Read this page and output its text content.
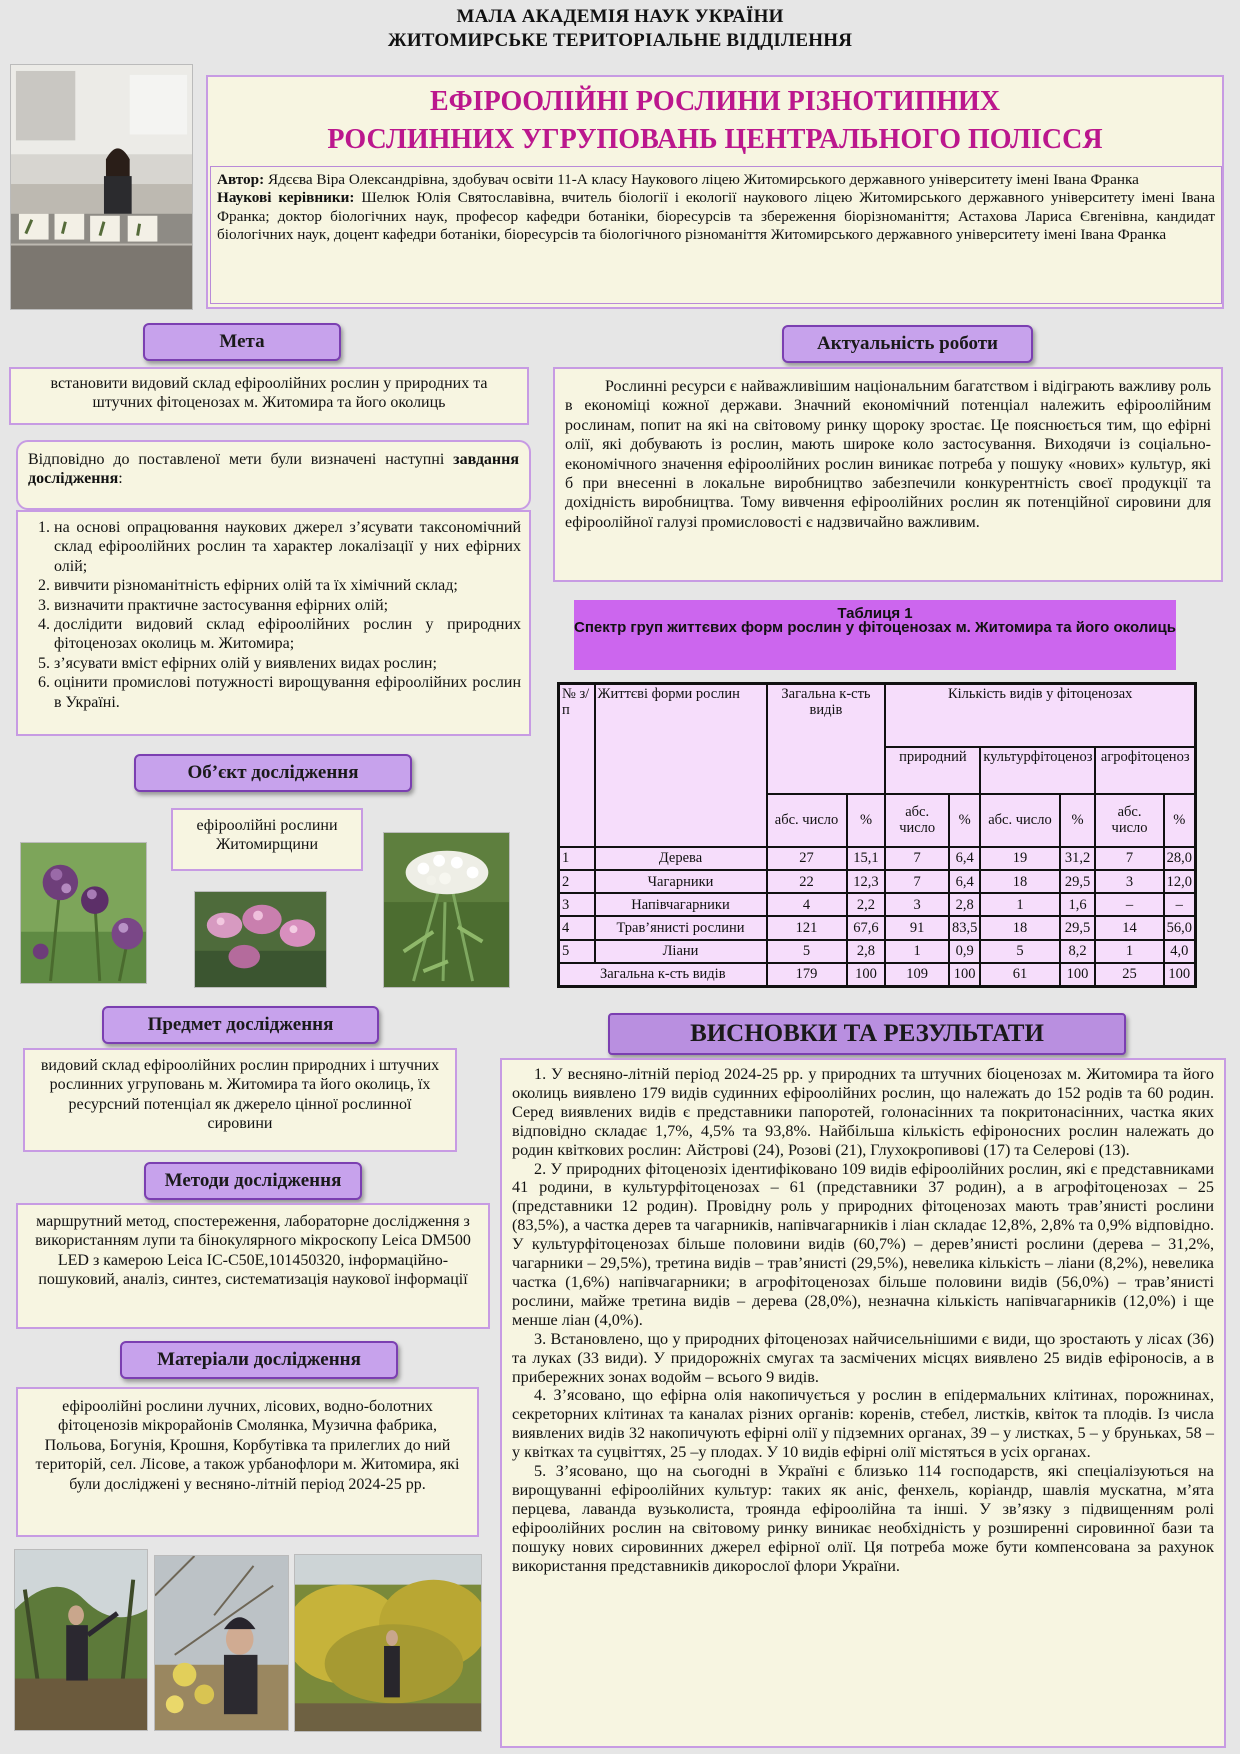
МАЛА АКАДЕМІЯ НАУК УКРАЇНИ
ЖИТОМИРСЬКЕ ТЕРИТОРІАЛЬНЕ ВІДДІЛЕННЯ
ЕФІРООЛІЙНІ РОСЛИНИ РІЗНОТИПНИХ
РОСЛИННИХ УГРУПОВАНЬ ЦЕНТРАЛЬНОГО ПОЛІССЯ
Автор: Ядєєва Віра Олександрівна, здобувач освіти 11-А класу Наукового ліцею Житомирського державного університету імені Івана Франка
Наукові керівники: Шелюк Юлія Святославівна, вчитель біології і екології наукового ліцею Житомирського державного університету імені Івана Франка; доктор біологічних наук, професор кафедри ботаніки, біоресурсів та збереження біорізноманіття; Астахова Лариса Євгенівна, кандидат біологічних наук, доцент кафедри ботаніки, біоресурсів та біологічного різноманіття Житомирського державного університету імені Івана Франка
Мета
встановити видовий склад ефіроолійних рослин у природних та штучних фітоценозах м. Житомира та його околиць
Відповідно до поставленої мети були визначені наступні завдання дослідження:
1. на основі опрацювання наукових джерел з’ясувати таксономічний склад ефіроолійних рослин та характер локалізації у них ефірних олій;
2. вивчити різноманітність ефірних олій та їх хімічний склад;
3. визначити практичне застосування ефірних олій;
4. дослідити видовий склад ефіроолійних рослин у природних фітоценозах околиць м. Житомира;
5. з’ясувати вміст ефірних олій у виявлених видах рослин;
6. оцінити промислові потужності вирощування ефіроолійних рослин в Україні.
Об’єкт дослідження
ефіроолійні рослини Житомирщини
Предмет дослідження
видовий склад ефіроолійних рослин природних і штучних рослинних угруповань м. Житомира та його околиць, їх ресурсний потенціал як джерело цінної рослинної сировини
Методи дослідження
маршрутний метод, спостереження, лабораторне дослідження з використанням лупи та бінокулярного мікроскопу Leica DM500 LED з камерою Leica IC-C50E,101450320, інформаційно-пошуковий, аналіз, синтез, систематизація наукової інформації
Матеріали дослідження
ефіроолійні рослини лучних, лісових, водно-болотних фітоценозів мікрорайонів Смолянка, Музична фабрика, Польова, Богунія, Крошня, Корбутівка та прилеглих до ний територій, сел. Лісове, а також урбанофлори м. Житомира, які були досліджені у весняно-літній період 2024-25 рр.
Актуальність роботи
Рослинні ресурси є найважливішим національним багатством і відіграють важливу роль в економіці кожної держави. Значний економічний потенціал належить ефіроолійним рослинам, попит на які на світовому ринку щороку зростає. Це пояснюється тим, що ефірні олії, які добувають із рослин, мають широке коло застосування. Виходячи із соціально-економічного значення ефіроолійних рослин виникає потреба у пошуку «нових» культур, які б при внесенні в локальне виробництво забезпечили конкурентність своєї продукції та дохідність виробництва. Тому вивчення ефіроолійних рослин як потенційної сировини для ефіроолійної галузі промисловості є надзвичайно важливим.
Таблиця 1
Спектр груп життєвих форм рослин у фітоценозах м. Житомира та його околиць
№ з/п	Життєві форми рослин	Загальна к-сть видів		Кількість видів у фітоценозах					
				природний		культурфітоценоз		агрофітоценоз	
		абс. число	%	абс. число	%	абс. число	%	абс. число	%
1	Дерева	27	15,1	7	6,4	19	31,2	7	28,0
2	Чагарники	22	12,3	7	6,4	18	29,5	3	12,0
3	Напівчагарники	4	2,2	3	2,8	1	1,6	–	–
4	Трав’янисті рослини	121	67,6	91	83,5	18	29,5	14	56,0
5	Ліани	5	2,8	1	0,9	5	8,2	1	4,0
Загальна к-сть видів		179	100	109	100	61	100	25	100
ВИСНОВКИ ТА РЕЗУЛЬТАТИ

1. У весняно-літній період 2024-25 рр. у природних та штучних біоценозах м. Житомира та його околиць виявлено 179 видів судинних ефіроолійних рослин, що належать до 152 родів та 60 родин. Серед виявлених видів є представники папоротей, голонасінних та покритонасінних, частка яких відповідно складає 1,7%, 4,5% та 93,8%. Найбільша кількість ефіроносних рослин належать до родин квіткових рослин: Айстрові (24), Розові (21), Глухокропивові (17) та Селерові (13).

2. У природних фітоценозіх ідентифіковано 109 видів ефіроолійних рослин, які є представниками 41 родини, в культурфітоценозах – 61 (представники 37 родин), а в агрофітоценозах – 25 (представники 12 родин). Провідну роль у природних фітоценозах мають трав’янисті рослини (83,5%), а частка дерев та чагарників, напівчагарників і ліан складає 12,8%, 2,8% та 0,9% відповідно. У культурфітоценозах більше половини видів (60,7%) – дерев’янисті рослини (дерева – 31,2%, чагарники – 29,5%), третина видів – трав’янисті (29,5%), невелика кількість – ліани (8,2%), невелика частка (1,6%) напівчагарники; в агрофітоценозах більше половини видів (56,0%) – трав’янисті рослини, майже третина видів – дерева (28,0%), незначна кількість напівчагарників (12,0%) і ще менше ліан (4,0%).

3. Встановлено, що у природних фітоценозах найчисельнішими є види, що зростають у лісах (36) та луках (33 види). У придорожніх смугах та засмічених місцях виявлено 25 видів ефіроносів, а в прибережних зонах водойм – всього 9 видів.

4. З’ясовано, що ефірна олія накопичується у рослин в епідермальних клітинах, порожнинах, секреторних клітинах та каналах різних органів: коренів, стебел, листків, квіток та плодів. Із числа виявлених видів 32 накопичують ефірні олії у підземних органах, 39 – у листках, 5 – у бруньках, 58 – у квітках та суцвіттях, 25 –у плодах. У 10 видів ефірні олії містяться в усіх органах.

5. З’ясовано, що на сьогодні в Україні є близько 114 господарств, які спеціалізуються на вирощуванні ефіроолійних культур: таких як аніс, фенхель, коріандр, шавлія мускатна, м’ята перцева, лаванда вузьколиста, троянда ефіроолійна та інші. У зв’язку з підвищенням ролі ефіроолійних рослин на світовому ринку виникає необхідність у розширенні сировинної бази та пошуку нових сировинних джерел ефірної олії. Ця потреба може бути компенсована за рахунок використання представників дикорослої флори України.
